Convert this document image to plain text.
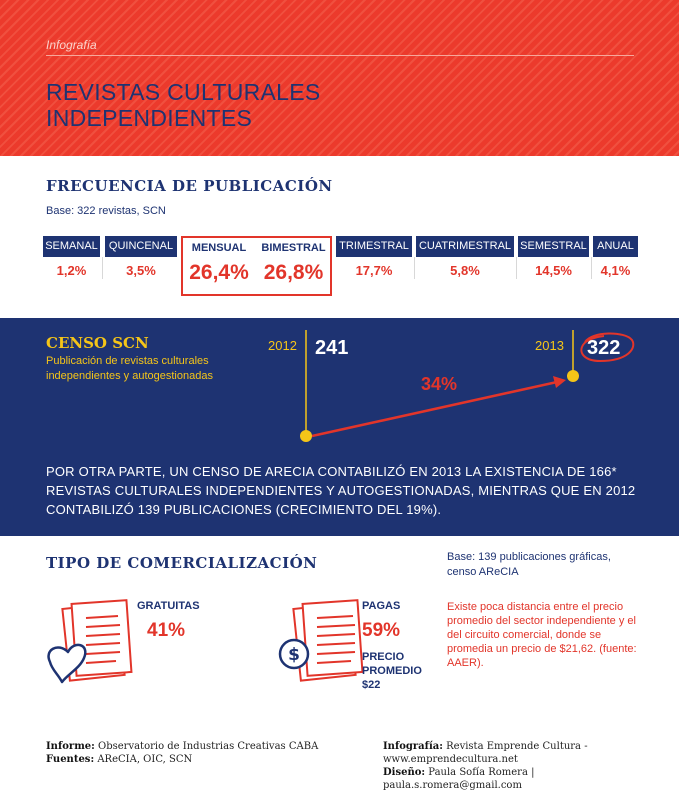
Infografía
REVISTAS CULTURALES
INDEPENDIENTES
FRECUENCIA DE PUBLICACIÓN
Base: 322 revistas, SCN
SEMANAL
1,2%
QUINCENAL
3,5%
MENSUAL
26,4%
BIMESTRAL
26,8%
TRIMESTRAL
17,7%
CUATRIMESTRAL
5,8%
SEMESTRAL
14,5%
ANUAL
4,1%
CENSO SCN
Publicación de revistas culturales independientes y autogestionadas
2012 241	2013 322
34%
POR OTRA PARTE, UN CENSO DE ARECIA CONTABILIZÓ EN 2013 LA EXISTENCIA DE 166* REVISTAS CULTURALES INDEPENDIENTES Y AUTOGESTIONADAS, MIENTRAS QUE EN 2012 CONTABILIZÓ 139 PUBLICACIONES (CRECIMIENTO DEL 19%).
TIPO DE COMERCIALIZACIÓN	Base: 139 publicaciones gráficas, censo AReCIA
GRATUITAS
41%
$
PAGAS
59%
PRECIO
PROMEDIO
$22
Existe poca distancia entre el precio promedio del sector independiente y el del circuito comercial, donde se promedia un precio de $21,62. (fuente: AAER).
Informe: Observatorio de Industrias Creativas CABA
Fuentes: AReCIA, OIC, SCN
Infografía: Revista Emprende Cultura - www.emprendecultura.net
Diseño: Paula Sofía Romera | paula.s.romera@gmail.com
